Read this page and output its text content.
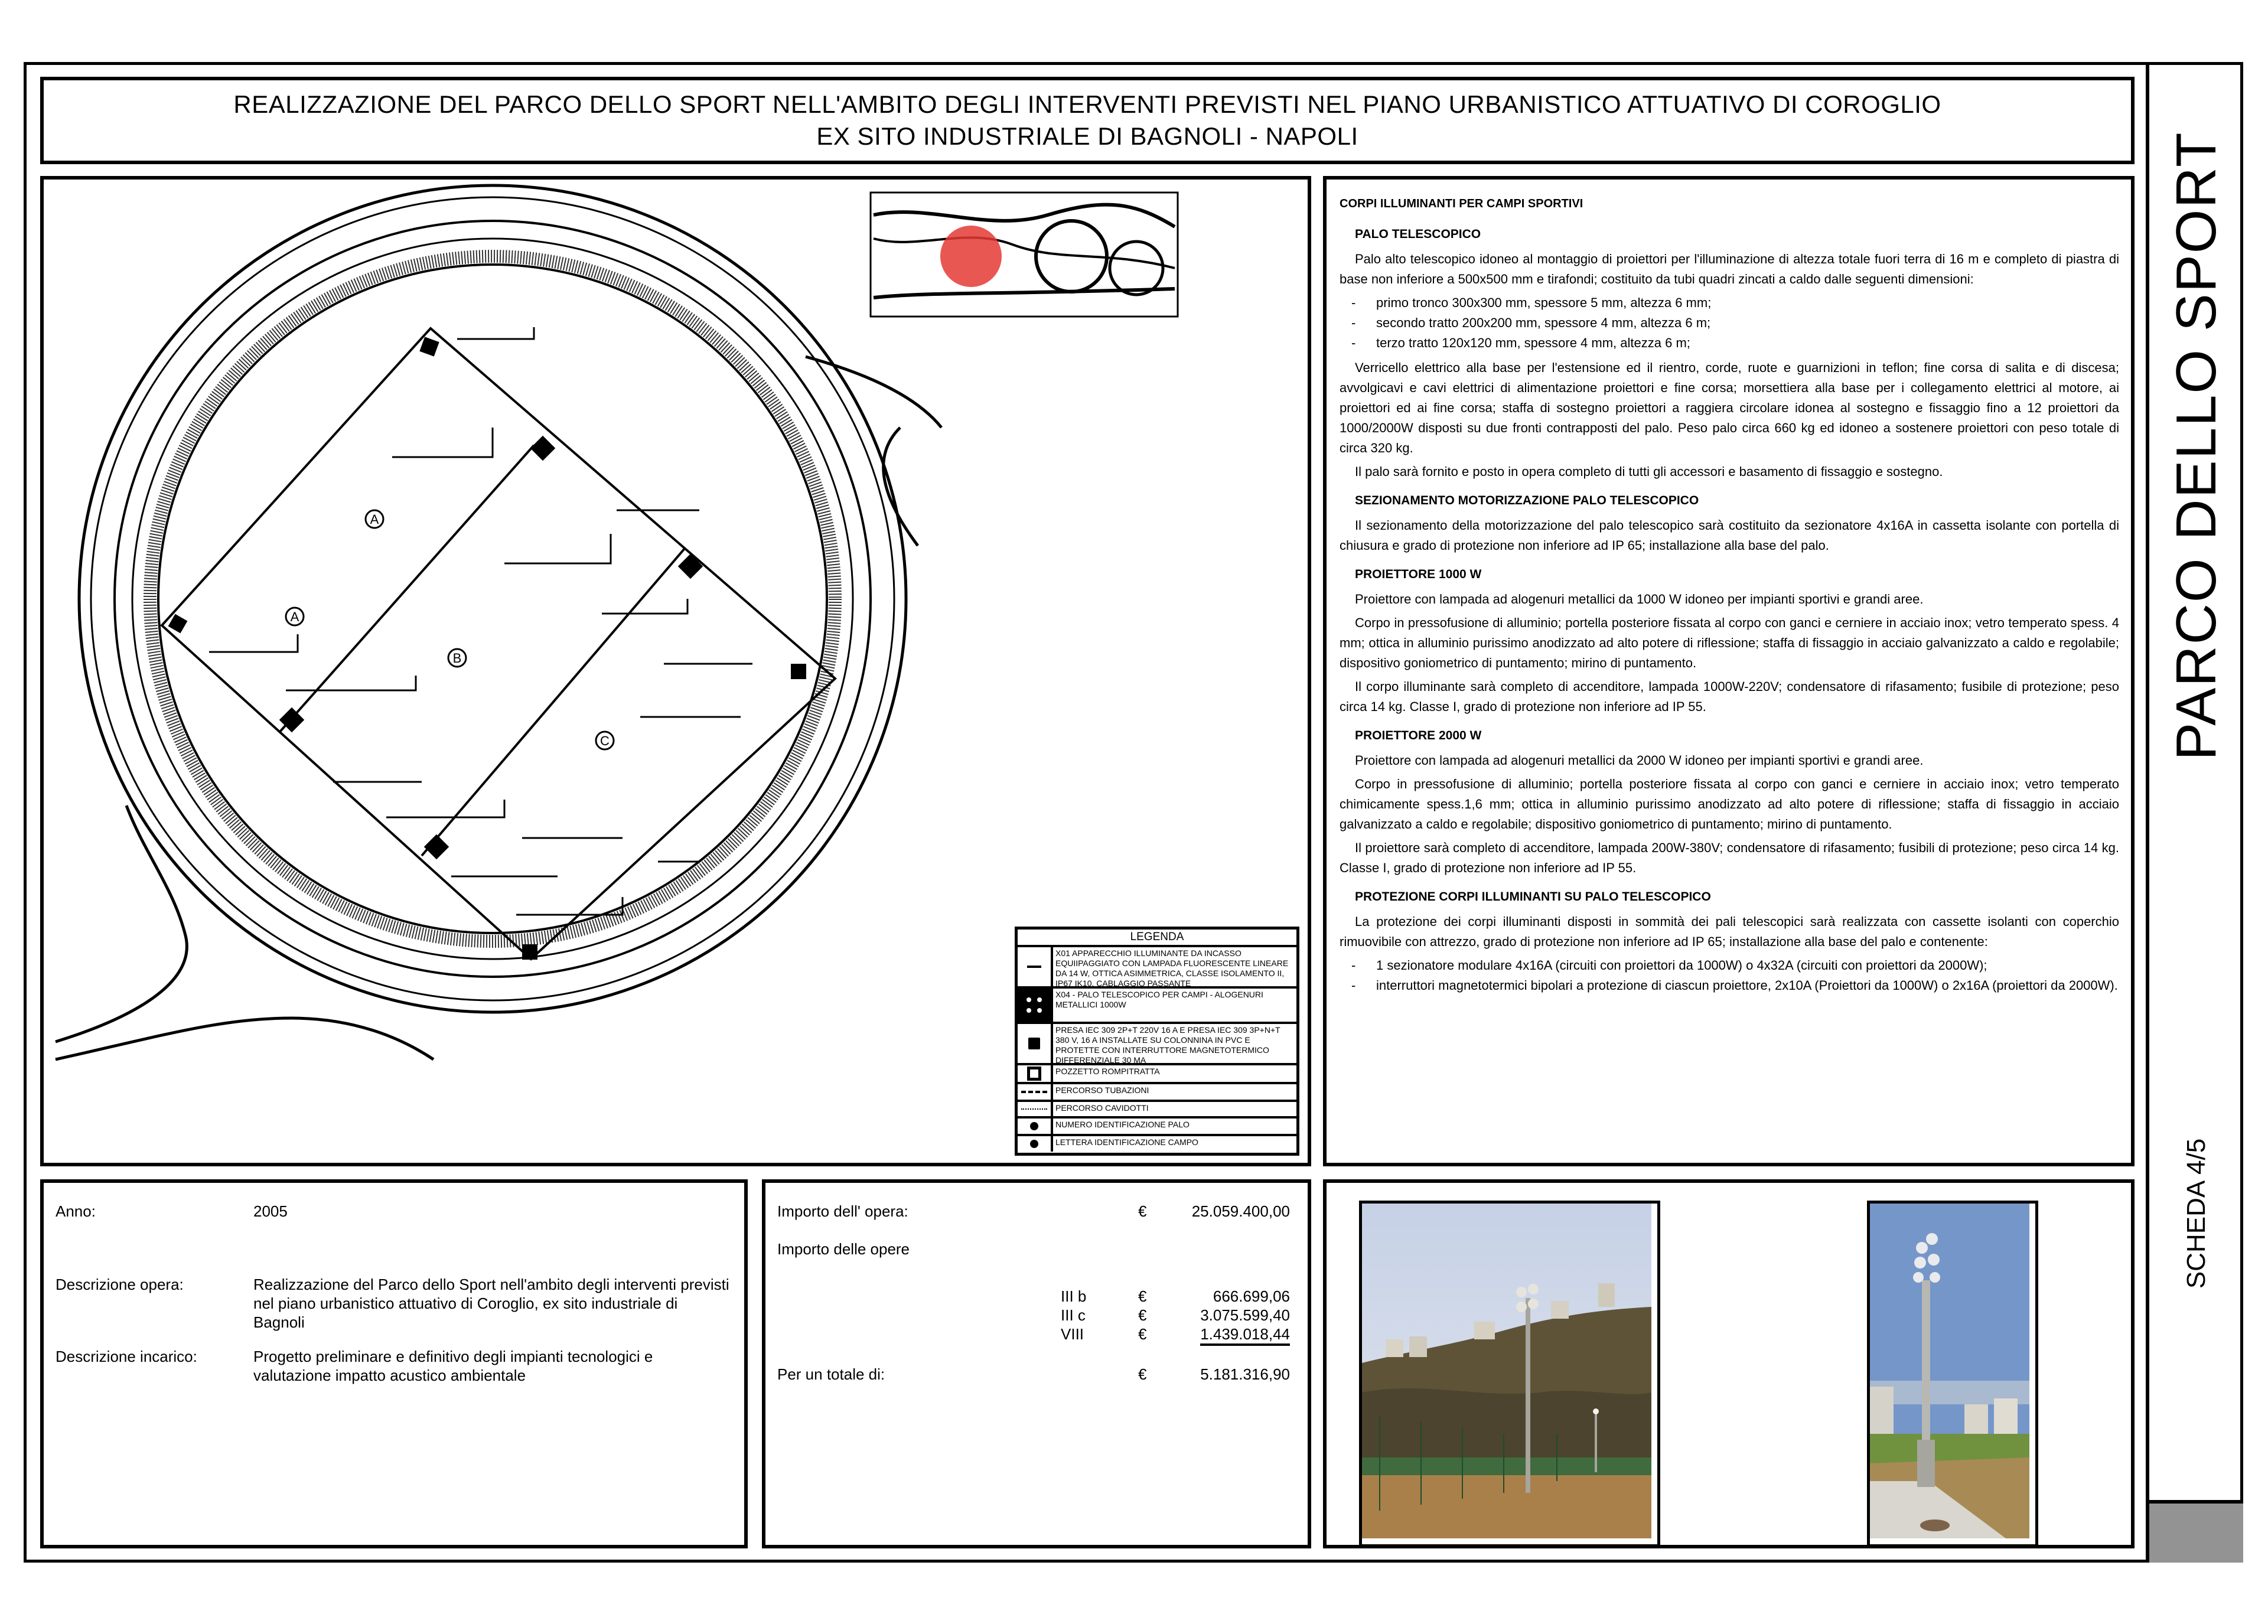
REALIZZAZIONE DEL PARCO DELLO SPORT NELL'AMBITO DEGLI INTERVENTI PREVISTI NEL PIANO URBANISTICO ATTUATIVO DI COROGLIO
EX SITO INDUSTRIALE DI BAGNOLI - NAPOLI	PARCO DELLO SPORT
SCHEDA 4/5
A
A
B
C
LEGENDA
X01 APPARECCHIO ILLUMINANTE DA INCASSO EQUIIPAGGIATO CON LAMPADA FLUORESCENTE LINEARE DA 14 W, OTTICA ASIMMETRICA, CLASSE ISOLAMENTO II, IP67 IK10, CABLAGGIO PASSANTE
X04 - PALO TELESCOPICO PER CAMPI - ALOGENURI METALLICI 1000W
PRESA IEC 309 2P+T 220V 16 A E PRESA IEC 309 3P+N+T 380 V, 16 A INSTALLATE SU COLONNINA IN PVC E PROTETTE CON INTERRUTTORE MAGNETOTERMICO DIFFERENZIALE 30 MA
POZZETTO ROMPITRATTA
PERCORSO TUBAZIONI
PERCORSO CAVIDOTTI
NUMERO IDENTIFICAZIONE PALO
LETTERA IDENTIFICAZIONE CAMPO
CORPI ILLUMINANTI PER CAMPI SPORTIVI
PALO TELESCOPICO

Palo alto telescopico idoneo al montaggio di proiettori per l'illuminazione di altezza totale fuori terra di 16 m e completo di piastra di base non inferiore a 500x500 mm e tirafondi; costituito da tubi quadri zincati a caldo dalle seguenti dimensioni:

- primo tronco 300x300 mm, spessore 5 mm, altezza 6 mm;
- secondo tratto 200x200 mm, spessore 4 mm, altezza 6 m;
- terzo tratto 120x120 mm, spessore 4 mm, altezza 6 m;

Verricello elettrico alla base per l'estensione ed il rientro, corde, ruote e guarnizioni in teflon; fine corsa di salita e di discesa; avvolgicavi e cavi elettrici di alimentazione proiettori e fine corsa; morsettiera alla base per i collegamento elettrici al motore, ai proiettori ed ai fine corsa; staffa di sostegno proiettori a raggiera circolare idonea al sostegno e fissaggio fino a 12 proiettori da 1000/2000W disposti su due fronti contrapposti del palo. Peso palo circa 660 kg ed idoneo a sostenere proiettori con peso totale di circa 320 kg.

Il palo sarà fornito e posto in opera completo di tutti gli accessori e basamento di fissaggio e sostegno.

SEZIONAMENTO MOTORIZZAZIONE PALO TELESCOPICO

Il sezionamento della motorizzazione del palo telescopico sarà costituito da sezionatore 4x16A in cassetta isolante con portella di chiusura e grado di protezione non inferiore ad IP 65; installazione alla base del palo.

PROIETTORE 1000 W

Proiettore con lampada ad alogenuri metallici da 1000 W idoneo per impianti sportivi e grandi aree.

Corpo in pressofusione di alluminio; portella posteriore fissata al corpo con ganci e cerniere in acciaio inox; vetro temperato spess. 4 mm; ottica in alluminio purissimo anodizzato ad alto potere di riflessione; staffa di fissaggio in acciaio galvanizzato a caldo e regolabile; dispositivo goniometrico di puntamento; mirino di puntamento.

Il corpo illuminante sarà completo di accenditore, lampada 1000W-220V; condensatore di rifasamento; fusibile di protezione; peso circa 14 kg. Classe I, grado di protezione non inferiore ad IP 55.

PROIETTORE 2000 W

Proiettore con lampada ad alogenuri metallici da 2000 W idoneo per impianti sportivi e grandi aree.

Corpo in pressofusione di alluminio; portella posteriore fissata al corpo con ganci e cerniere in acciaio inox; vetro temperato chimicamente spess.1,6 mm; ottica in alluminio purissimo anodizzato ad alto potere di riflessione; staffa di fissaggio in acciaio galvanizzato a caldo e regolabile; dispositivo goniometrico di puntamento; mirino di puntamento.

Il proiettore sarà completo di accenditore, lampada 200W-380V; condensatore di rifasamento; fusibili di protezione; peso circa 14 kg. Classe I, grado di protezione non inferiore ad IP 55.

PROTEZIONE CORPI ILLUMINANTI SU PALO TELESCOPICO

La protezione dei corpi illuminanti disposti in sommità dei pali telescopici sarà realizzata con cassette isolanti con coperchio rimuovibile con attrezzo, grado di protezione non inferiore ad IP 65; installazione alla base del palo e contenente:

- 1 sezionatore modulare 4x16A (circuiti con proiettori da 1000W) o 4x32A (circuiti con proiettori da 2000W);
- interruttori magnetotermici bipolari a protezione di ciascun proiettore, 2x10A (Proiettori da 1000W) o 2x16A (proiettori da 2000W).
Anno:	2005
Descrizione opera:	Realizzazione del Parco dello Sport nell'ambito degli interventi previsti nel piano urbanistico attuativo di Coroglio, ex sito industriale di Bagnoli
Descrizione incarico:	Progetto preliminare e definitivo degli impianti tecnologici e valutazione impatto acustico ambientale
Importo dell' opera:	€	25.059.400,00
Importo delle opere
III b	€	666.699,06
III c	€	3.075.599,40
VIII	€	1.439.018,44
Per un totale di:	€	5.181.316,90
